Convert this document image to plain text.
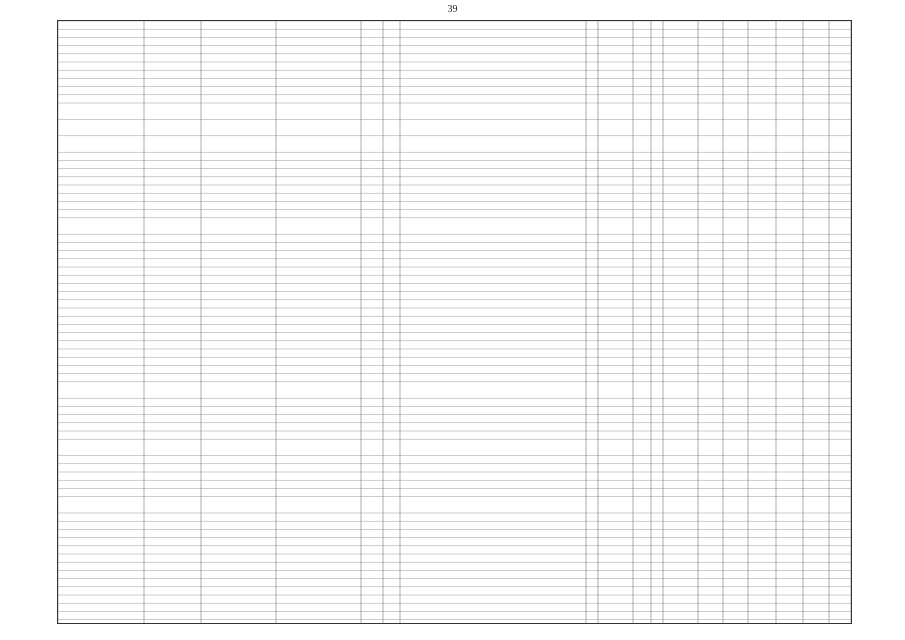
39
